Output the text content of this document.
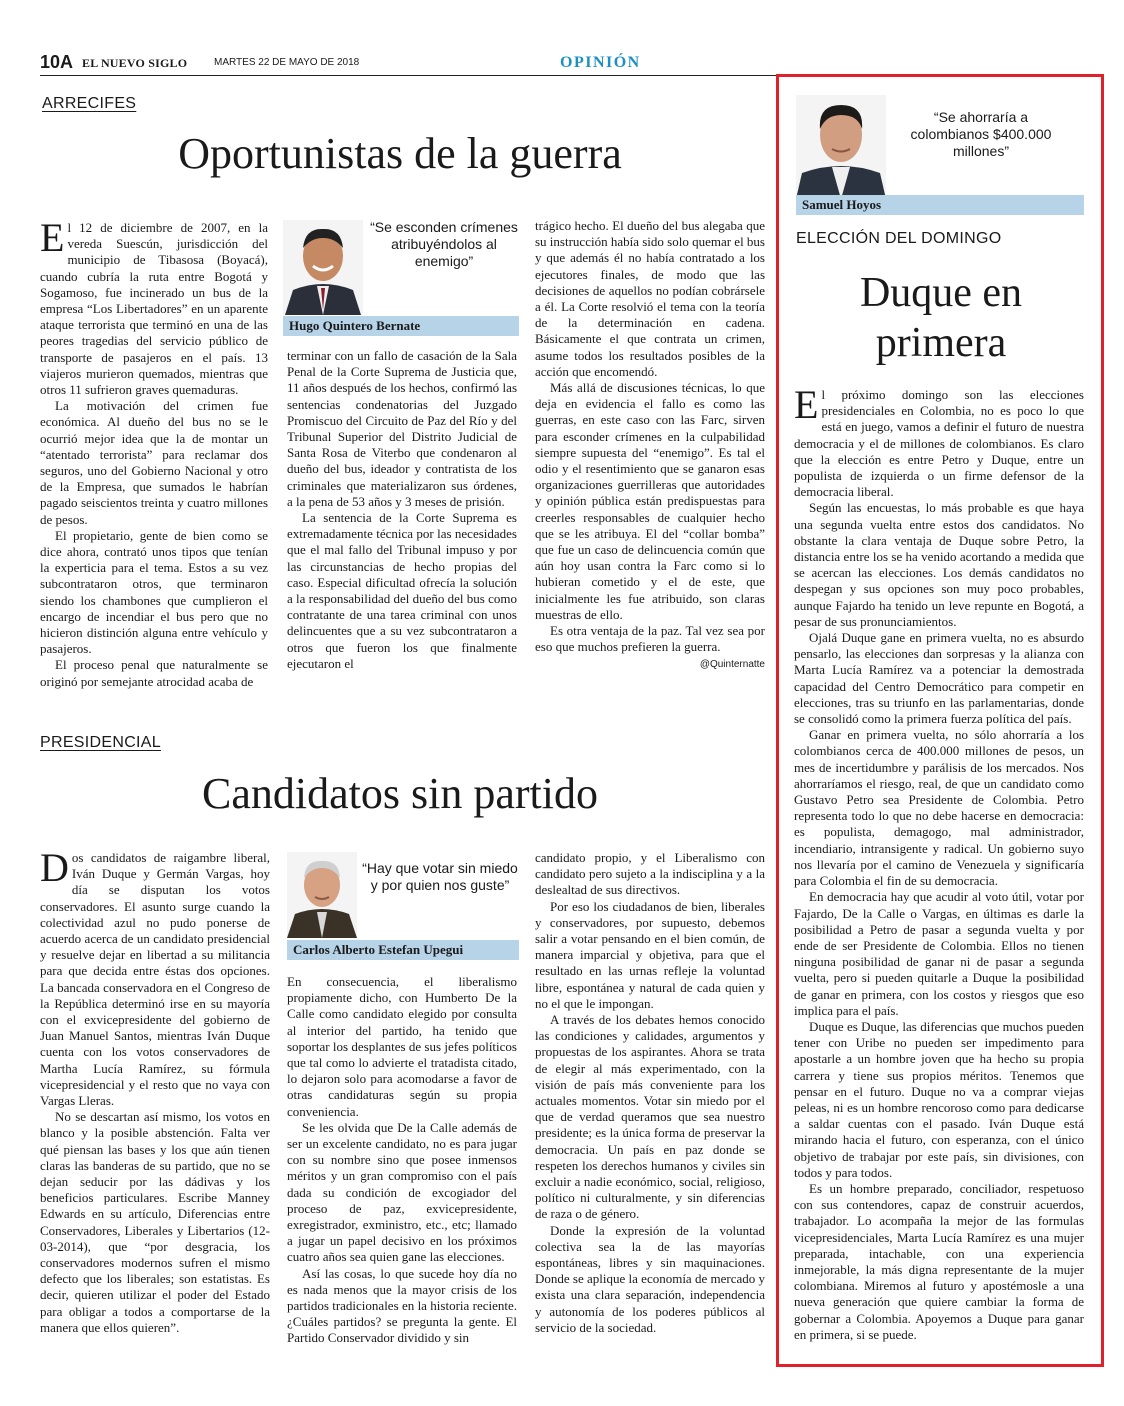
10A EL NUEVO SIGLO	MARTES 22 DE MAYO DE 2018	OPINIÓN
ARRECIFES
Oportunistas de la guerra

El 12 de diciembre de 2007, en la vereda Suescún, jurisdicción del municipio de Tibasosa (Boyacá), cuando cubría la ruta entre Bogotá y Sogamoso, fue incinerado un bus de la empresa “Los Libertadores” en un aparente ataque terrorista que terminó en una de las peores tragedias del servicio público de transporte de pasajeros en el país. 13 viajeros murieron quemados, mientras que otros 11 sufrieron graves quemaduras.

La motivación del crimen fue económica. Al dueño del bus no se le ocurrió mejor idea que la de montar un “atentado terrorista” para reclamar dos seguros, uno del Gobierno Nacional y otro de la Empresa, que sumados le habrían pagado seiscientos treinta y cuatro millones de pesos.

El propietario, gente de bien como se dice ahora, contrató unos tipos que tenían la experticia para el tema. Estos a su vez subcontrataron otros, que terminaron siendo los chambones que cumplieron el encargo de incendiar el bus pero que no hicieron distinción alguna entre vehículo y pasajeros.

El proceso penal que naturalmente se originó por semejante atrocidad acaba de

“Se esconden crímenes atribuyéndolos al enemigo”
Hugo Quintero Bernate

terminar con un fallo de casación de la Sala Penal de la Corte Suprema de Justicia que, 11 años después de los hechos, confirmó las sentencias condenatorias del Juzgado Promiscuo del Circuito de Paz del Río y del Tribunal Superior del Distrito Judicial de Santa Rosa de Viterbo que condenaron al dueño del bus, ideador y contratista de los criminales que materializaron sus órdenes, a la pena de 53 años y 3 meses de prisión.

La sentencia de la Corte Suprema es extremadamente técnica por las necesidades que el mal fallo del Tribunal impuso y por las circunstancias de hecho propias del caso. Especial dificultad ofrecía la solución a la responsabilidad del dueño del bus como contratante de una tarea criminal con unos delincuentes que a su vez subcontrataron a otros que fueron los que finalmente ejecutaron el

trágico hecho. El dueño del bus alegaba que su instrucción había sido solo quemar el bus y que además él no había contratado a los ejecutores finales, de modo que las decisiones de aquellos no podían cobrársele a él. La Corte resolvió el tema con la teoría de la determinación en cadena. Básicamente el que contrata un crimen, asume todos los resultados posibles de la acción que encomendó.

Más allá de discusiones técnicas, lo que deja en evidencia el fallo es como las guerras, en este caso con las Farc, sirven para esconder crímenes en la culpabilidad siempre supuesta del “enemigo”. Es tal el odio y el resentimiento que se ganaron esas organizaciones guerrilleras que autoridades y opinión pública están predispuestas para creerles responsables de cualquier hecho que se les atribuya. El del “collar bomba” que fue un caso de delincuencia común que aún hoy usan contra la Farc como si lo hubieran cometido y el de este, que inicialmente les fue atribuido, son claras muestras de ello.

Es otra ventaja de la paz. Tal vez sea por eso que muchos prefieren la guerra.

@Quinternatte
PRESIDENCIAL
Candidatos sin partido

Dos candidatos de raigambre liberal, Iván Duque y Germán Vargas, hoy día se disputan los votos conservadores. El asunto surge cuando la colectividad azul no pudo ponerse de acuerdo acerca de un candidato presidencial y resuelve dejar en libertad a su militancia para que decida entre éstas dos opciones. La bancada conservadora en el Congreso de la República determinó irse en su mayoría con el exvicepresidente del gobierno de Juan Manuel Santos, mientras Iván Duque cuenta con los votos conservadores de Martha Lucía Ramírez, su fórmula vicepresidencial y el resto que no vaya con Vargas Lleras.

No se descartan así mismo, los votos en blanco y la posible abstención. Falta ver qué piensan las bases y los que aún tienen claras las banderas de su partido, que no se dejan seducir por las dádivas y los beneficios particulares. Escribe Manney Edwards en su artículo, Diferencias entre Conservadores, Liberales y Libertarios (12-03-2014), que “por desgracia, los conservadores modernos sufren el mismo defecto que los liberales; son estatistas. Es decir, quieren utilizar el poder del Estado para obligar a todos a comportarse de la manera que ellos quieren”.

“Hay que votar sin miedo y por quien nos guste”
Carlos Alberto Estefan Upegui

En consecuencia, el liberalismo propiamente dicho, con Humberto De la Calle como candidato elegido por consulta al interior del partido, ha tenido que soportar los desplantes de sus jefes políticos que tal como lo advierte el tratadista citado, lo dejaron solo para acomodarse a favor de otras candidaturas según su propia conveniencia.

Se les olvida que De la Calle además de ser un excelente candidato, no es para jugar con su nombre sino que posee inmensos méritos y un gran compromiso con el país dada su condición de excogiador del proceso de paz, exvicepresidente, exregistrador, exministro, etc., etc; llamado a jugar un papel decisivo en los próximos cuatro años sea quien gane las elecciones.

Así las cosas, lo que sucede hoy día no es nada menos que la mayor crisis de los partidos tradicionales en la historia reciente. ¿Cuáles partidos? se pregunta la gente. El Partido Conservador dividido y sin

candidato propio, y el Liberalismo con candidato pero sujeto a la indisciplina y a la deslealtad de sus directivos.

Por eso los ciudadanos de bien, liberales y conservadores, por supuesto, debemos salir a votar pensando en el bien común, de manera imparcial y objetiva, para que el resultado en las urnas refleje la voluntad libre, espontánea y natural de cada quien y no el que le impongan.

A través de los debates hemos conocido las condiciones y calidades, argumentos y propuestas de los aspirantes. Ahora se trata de elegir al más experimentado, con la visión de país más conveniente para los actuales momentos. Votar sin miedo por el que de verdad queramos que sea nuestro presidente; es la única forma de preservar la democracia. Un país en paz donde se respeten los derechos humanos y civiles sin excluir a nadie económico, social, religioso, político ni culturalmente, y sin diferencias de raza o de género.

Donde la expresión de la voluntad colectiva sea la de las mayorías espontáneas, libres y sin maquinaciones. Donde se aplique la economía de mercado y exista una clara separación, independencia y autonomía de los poderes públicos al servicio de la sociedad.

“Se ahorraría a colombianos $400.000 millones”
Samuel Hoyos
ELECCIÓN DEL DOMINGO
Duque en primera

El próximo domingo son las elecciones presidenciales en Colombia, no es poco lo que está en juego, vamos a definir el futuro de nuestra democracia y el de millones de colombianos. Es claro que la elección es entre Petro y Duque, entre un populista de izquierda o un firme defensor de la democracia liberal.

Según las encuestas, lo más probable es que haya una segunda vuelta entre estos dos candidatos. No obstante la clara ventaja de Duque sobre Petro, la distancia entre los se ha venido acortando a medida que se acercan las elecciones. Los demás candidatos no despegan y sus opciones son muy poco probables, aunque Fajardo ha tenido un leve repunte en Bogotá, a pesar de sus pronunciamientos.

Ojalá Duque gane en primera vuelta, no es absurdo pensarlo, las elecciones dan sorpresas y la alianza con Marta Lucía Ramírez va a potenciar la demostrada capacidad del Centro Democrático para competir en elecciones, tras su triunfo en las parlamentarias, donde se consolidó como la primera fuerza política del país.

Ganar en primera vuelta, no sólo ahorraría a los colombianos cerca de 400.000 millones de pesos, un mes de incertidumbre y parálisis de los mercados. Nos ahorraríamos el riesgo, real, de que un candidato como Gustavo Petro sea Presidente de Colombia. Petro representa todo lo que no debe hacerse en democracia: es populista, demagogo, mal administrador, incendiario, intransigente y radical. Un gobierno suyo nos llevaría por el camino de Venezuela y significaría para Colombia el fin de su democracia.

En democracia hay que acudir al voto útil, votar por Fajardo, De la Calle o Vargas, en últimas es darle la posibilidad a Petro de pasar a segunda vuelta y por ende de ser Presidente de Colombia. Ellos no tienen ninguna posibilidad de ganar ni de pasar a segunda vuelta, pero si pueden quitarle a Duque la posibilidad de ganar en primera, con los costos y riesgos que eso implica para el país.

Duque es Duque, las diferencias que muchos pueden tener con Uribe no pueden ser impedimento para apostarle a un hombre joven que ha hecho su propia carrera y tiene sus propios méritos. Tenemos que pensar en el futuro. Duque no va a comprar viejas peleas, ni es un hombre rencoroso como para dedicarse a saldar cuentas con el pasado. Iván Duque está mirando hacia el futuro, con esperanza, con el único objetivo de trabajar por este país, sin divisiones, con todos y para todos.

Es un hombre preparado, conciliador, respetuoso con sus contendores, capaz de construir acuerdos, trabajador. Lo acompaña la mejor de las formulas vicepresidenciales, Marta Lucía Ramírez es una mujer preparada, intachable, con una experiencia inmejorable, la más digna representante de la mujer colombiana. Miremos al futuro y apostémosle a una nueva generación que quiere cambiar la forma de gobernar a Colombia. Apoyemos a Duque para ganar en primera, si se puede.
